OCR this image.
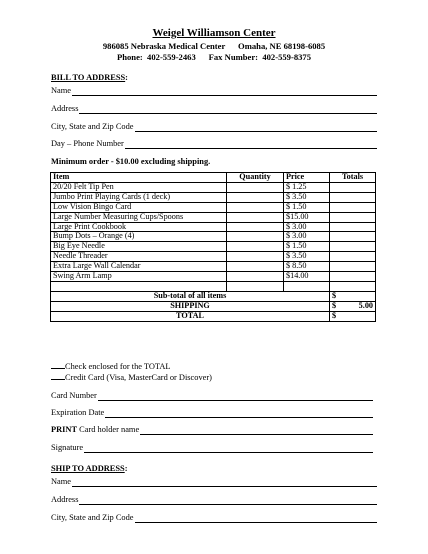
Weigel Williamson Center
986085 Nebraska Medical Center      Omaha, NE 68198-6085
Phone:  402-559-2463      Fax Number:  402-559-8375
BILL TO ADDRESS:
Name
Address
City, State and Zip Code
Day – Phone Number
Minimum order - $10.00 excluding shipping.
Item	Quantity	Price	Totals
20/20 Felt Tip Pen		$ 1.25	
Jumbo Print Playing Cards (1 deck)		$ 3.50	
Low Vision Bingo Card		$ 1.50	
Large Number Measuring Cups/Spoons		$15.00	
Large Print Cookbook		$ 3.00	
Bump Dots – Orange (4)		$ 3.00	
Big Eye Needle		$ 1.50	
Needle Threader		$ 3.50	
Extra Large Wall Calendar		$ 8.50	
Swing Arm Lamp		$14.00	

Sub-total of all items			$
SHIPPING			$ 5.00

TOTAL			$
Check enclosed for the TOTAL
Credit Card (Visa, MasterCard or Discover)
Card Number
Expiration Date
PRINT Card holder name
Signature
SHIP TO ADDRESS:
Name
Address
City, State and Zip Code
